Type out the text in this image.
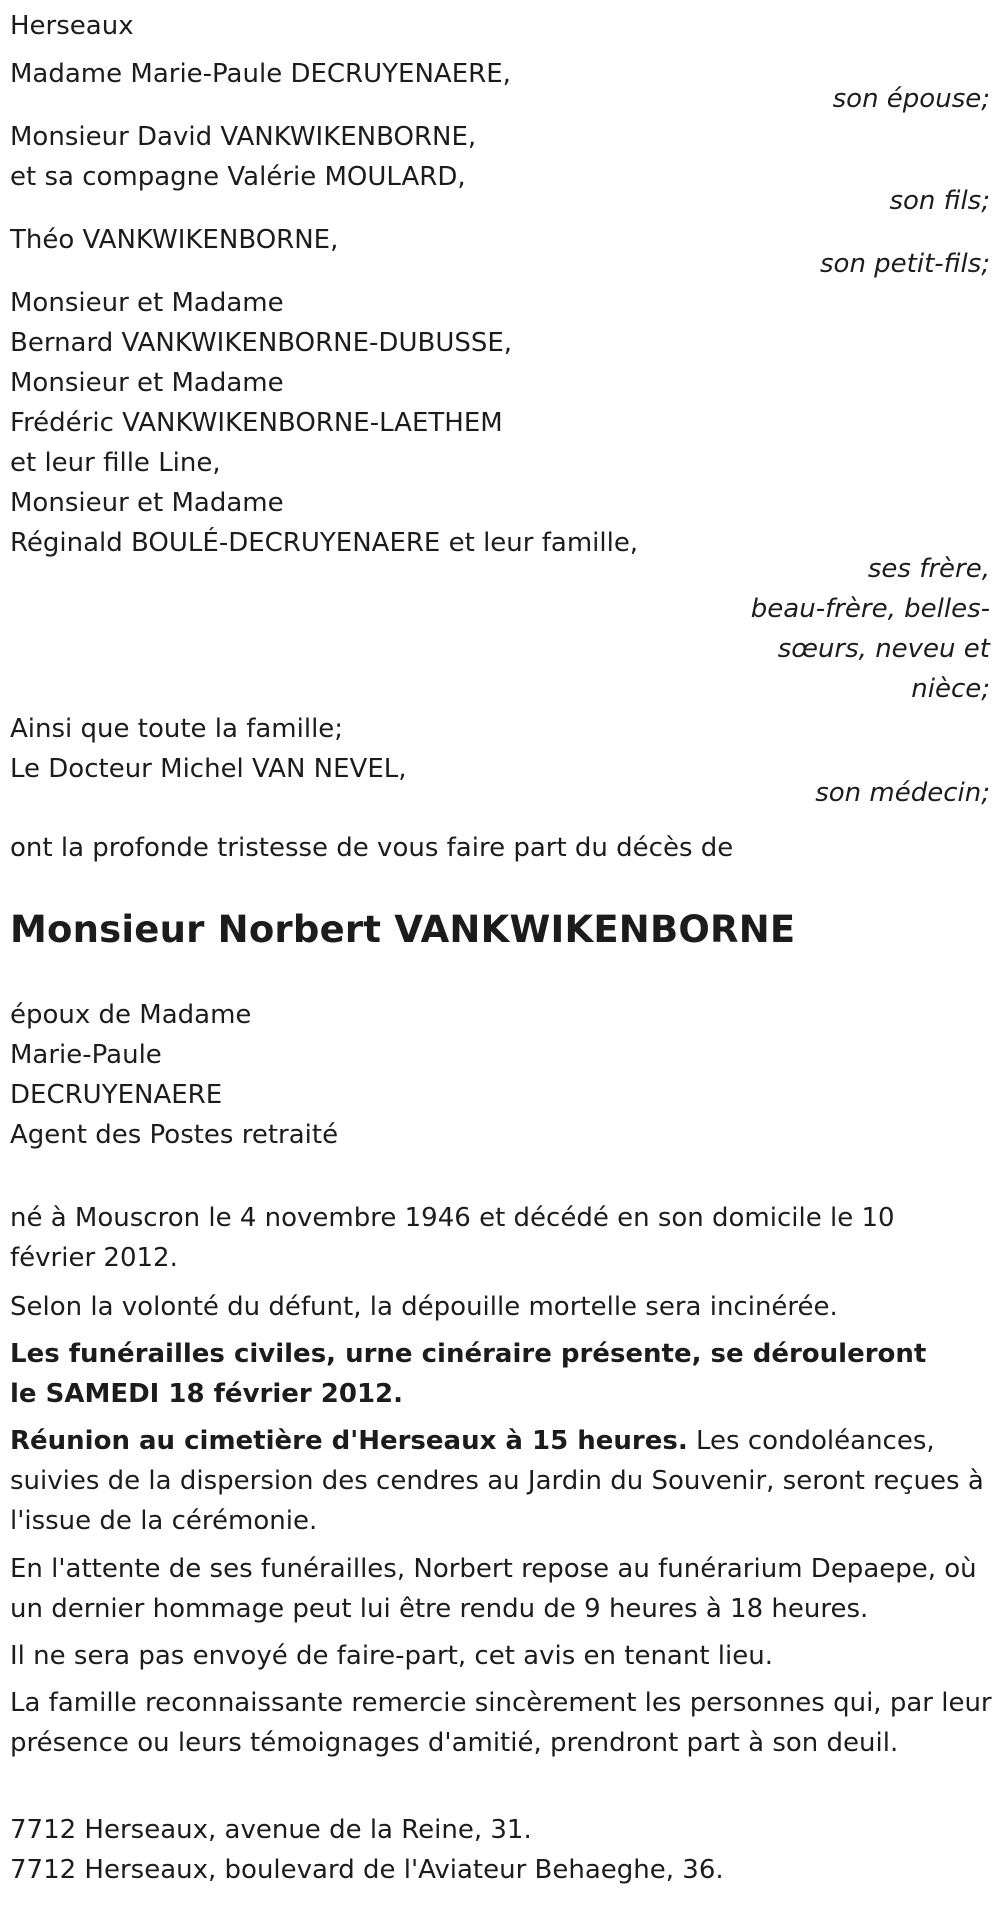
Herseaux
Madame Marie-Paule DECRUYENAERE,
son épouse;
Monsieur David VANKWIKENBORNE,
et sa compagne Valérie MOULARD,
son fils;
Théo VANKWIKENBORNE,
son petit-fils;
Monsieur et Madame
Bernard VANKWIKENBORNE-DUBUSSE,
Monsieur et Madame
Frédéric VANKWIKENBORNE-LAETHEM
et leur fille Line,
Monsieur et Madame
Réginald BOULÉ-DECRUYENAERE et leur famille,
ses frère,
beau-frère, belles-
sœurs, neveu et
nièce;
Ainsi que toute la famille;
Le Docteur Michel VAN NEVEL,
son médecin;
ont la profonde tristesse de vous faire part du décès de
Monsieur Norbert VANKWIKENBORNE
époux de Madame
Marie-Paule
DECRUYENAERE
Agent des Postes retraité
né à Mouscron le 4 novembre 1946 et décédé en son domicile le 10 février 2012.
Selon la volonté du défunt, la dépouille mortelle sera incinérée.
Les funérailles civiles, urne cinéraire présente, se dérouleront le SAMEDI 18 février 2012.
Réunion au cimetière d'Herseaux à 15 heures. Les condoléances, suivies de la dispersion des cendres au Jardin du Souvenir, seront reçues à l'issue de la cérémonie.
En l'attente de ses funérailles, Norbert repose au funérarium Depaepe, où un dernier hommage peut lui être rendu de 9 heures à 18 heures.
Il ne sera pas envoyé de faire-part, cet avis en tenant lieu.
La famille reconnaissante remercie sincèrement les personnes qui, par leur présence ou leurs témoignages d'amitié, prendront part à son deuil.
7712 Herseaux, avenue de la Reine, 31.
7712 Herseaux, boulevard de l'Aviateur Behaeghe, 36.
